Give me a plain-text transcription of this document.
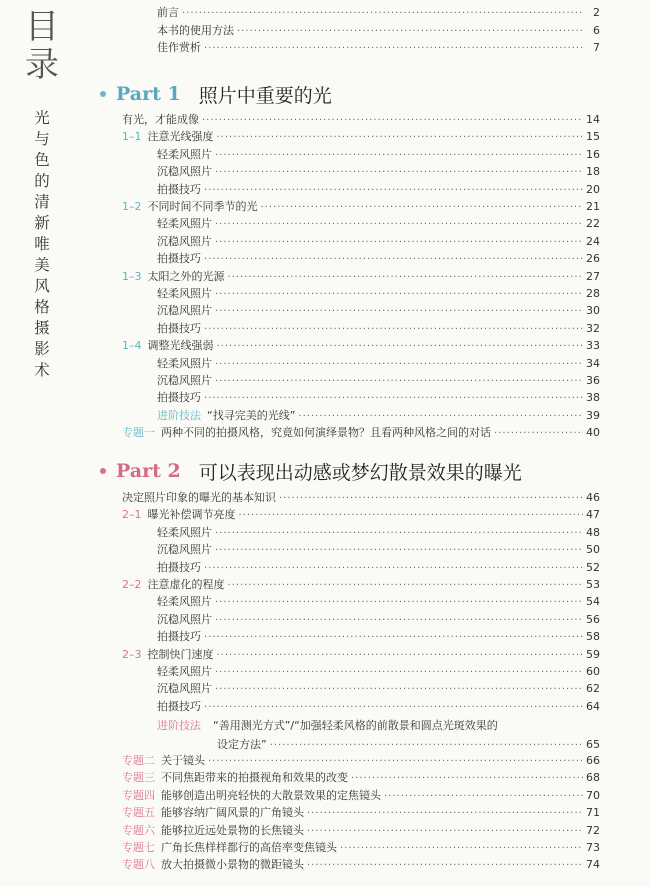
目
录
光
与
色
的
清
新
唯
美
风
格
摄
影
术
前言 ·····	2
本书的使用方法 ·····	6
佳作赏析 ·····	7
Part 1 照片中重要的光
有光，才能成像 ·····	14
1–1 注意光线强度 ·····	15
轻柔风照片 ·····	16
沉稳风照片 ·····	18
拍摄技巧 ·····	20
1–2 不同时间不同季节的光 ·····	21
轻柔风照片 ·····	22
沉稳风照片 ·····	24
拍摄技巧 ·····	26
1–3 太阳之外的光源 ·····	27
轻柔风照片 ·····	28
沉稳风照片 ·····	30
拍摄技巧 ·····	32
1–4 调整光线强弱 ·····	33
轻柔风照片 ·····	34
沉稳风照片 ·····	36
拍摄技巧 ·····	38
进阶技法 “找寻完美的光线” ·····	39
专题一 两种不同的拍摄风格，究竟如何演绎景物？且看两种风格之间的对话 ·····	40
Part 2 可以表现出动感或梦幻散景效果的曝光
决定照片印象的曝光的基本知识 ·····	46
2–1 曝光补偿调节亮度 ·····	47
轻柔风照片 ·····	48
沉稳风照片 ·····	50
拍摄技巧 ·····	52
2–2 注意虚化的程度 ·····	53
轻柔风照片 ·····	54
沉稳风照片 ·····	56
拍摄技巧 ·····	58
2–3 控制快门速度 ·····	59
轻柔风照片 ·····	60
沉稳风照片 ·····	62
拍摄技巧 ·····	64
进阶技法 “善用测光方式”/“加强轻柔风格的前散景和圆点光斑效果的
设定方法” ·····	65
专题二 关于镜头 ·····	66
专题三 不同焦距带来的拍摄视角和效果的改变 ·····	68
专题四 能够创造出明亮轻快的大散景效果的定焦镜头 ·····	70
专题五 能够容纳广阔风景的广角镜头 ·····	71
专题六 能够拉近远处景物的长焦镜头 ·····	72
专题七 广角长焦样样都行的高倍率变焦镜头 ·····	73
专题八 放大拍摄微小景物的微距镜头 ·····	74
